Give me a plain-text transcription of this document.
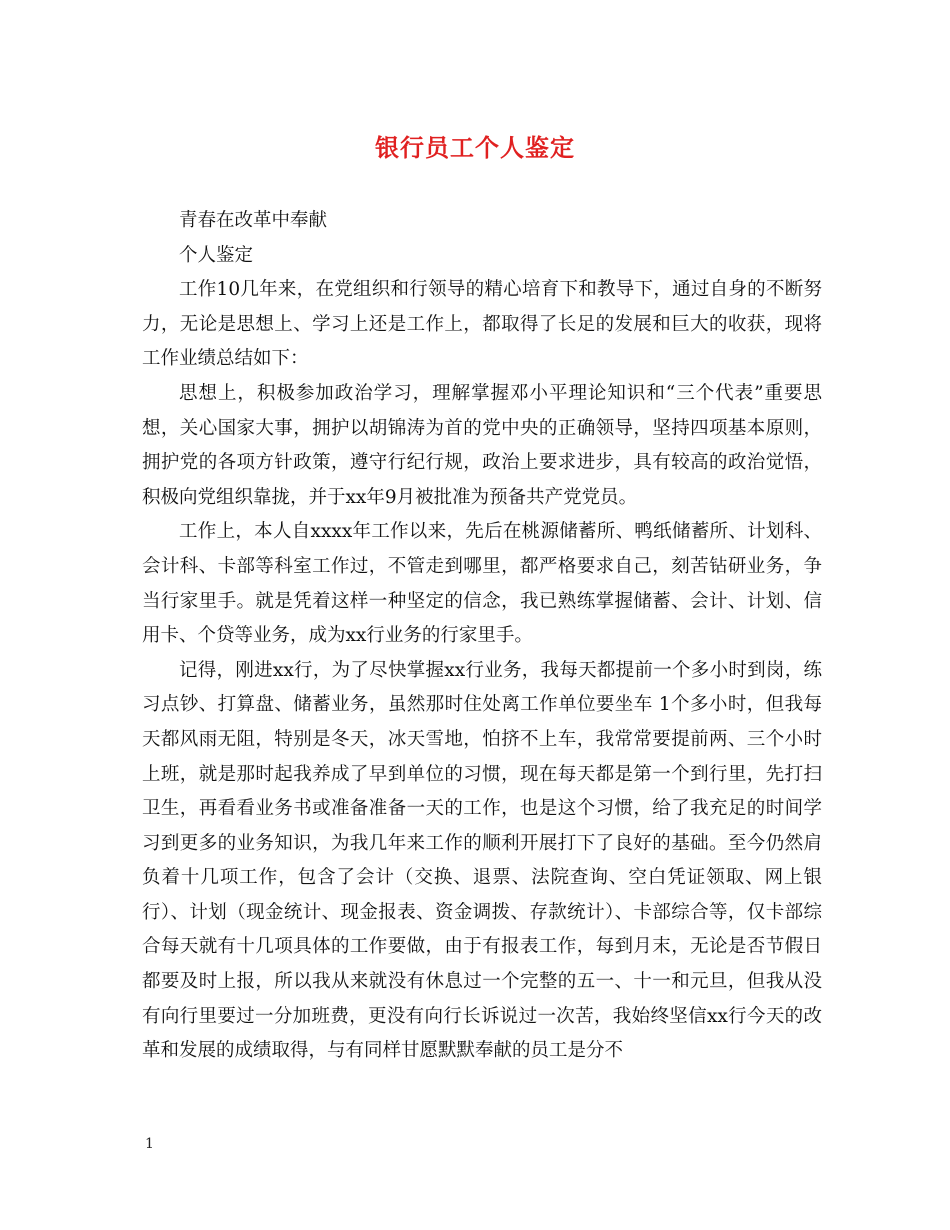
银行员工个人鉴定

青春在改革中奉献

个人鉴定

工作10几年来，在党组织和行领导的精心培育下和教导下，通过自身的不断努力，无论是思想上、学习上还是工作上，都取得了长足的发展和巨大的收获，现将工作业绩总结如下：

思想上，积极参加政治学习，理解掌握邓小平理论知识和“三个代表”重要思想，关心国家大事，拥护以胡锦涛为首的党中央的正确领导，坚持四项基本原则，拥护党的各项方针政策，遵守行纪行规，政治上要求进步，具有较高的政治觉悟，积极向党组织靠拢，并于xx年9月被批准为预备共产党党员。

工作上，本人自xxxx年工作以来，先后在桃源储蓄所、鸭纸储蓄所、计划科、会计科、卡部等科室工作过，不管走到哪里，都严格要求自己，刻苦钻研业务，争当行家里手。就是凭着这样一种坚定的信念，我已熟练掌握储蓄、会计、计划、信用卡、个贷等业务，成为xx行业务的行家里手。

记得，刚进xx行，为了尽快掌握xx行业务，我每天都提前一个多小时到岗，练习点钞、打算盘、储蓄业务，虽然那时住处离工作单位要坐车 1个多小时，但我每天都风雨无阻，特别是冬天，冰天雪地，怕挤不上车，我常常要提前两、三个小时上班，就是那时起我养成了早到单位的习惯，现在每天都是第一个到行里，先打扫卫生，再看看业务书或准备准备一天的工作，也是这个习惯，给了我充足的时间学习到更多的业务知识，为我几年来工作的顺利开展打下了良好的基础。至今仍然肩负着十几项工作，包含了会计（交换、退票、法院查询、空白凭证领取、网上银行）、计划（现金统计、现金报表、资金调拨、存款统计）、卡部综合等，仅卡部综合每天就有十几项具体的工作要做，由于有报表工作，每到月末，无论是否节假日都要及时上报，所以我从来就没有休息过一个完整的五一、十一和元旦，但我从没有向行里要过一分加班费，更没有向行长诉说过一次苦，我始终坚信xx行今天的改革和发展的成绩取得，与有同样甘愿默默奉献的员工是分不

1
